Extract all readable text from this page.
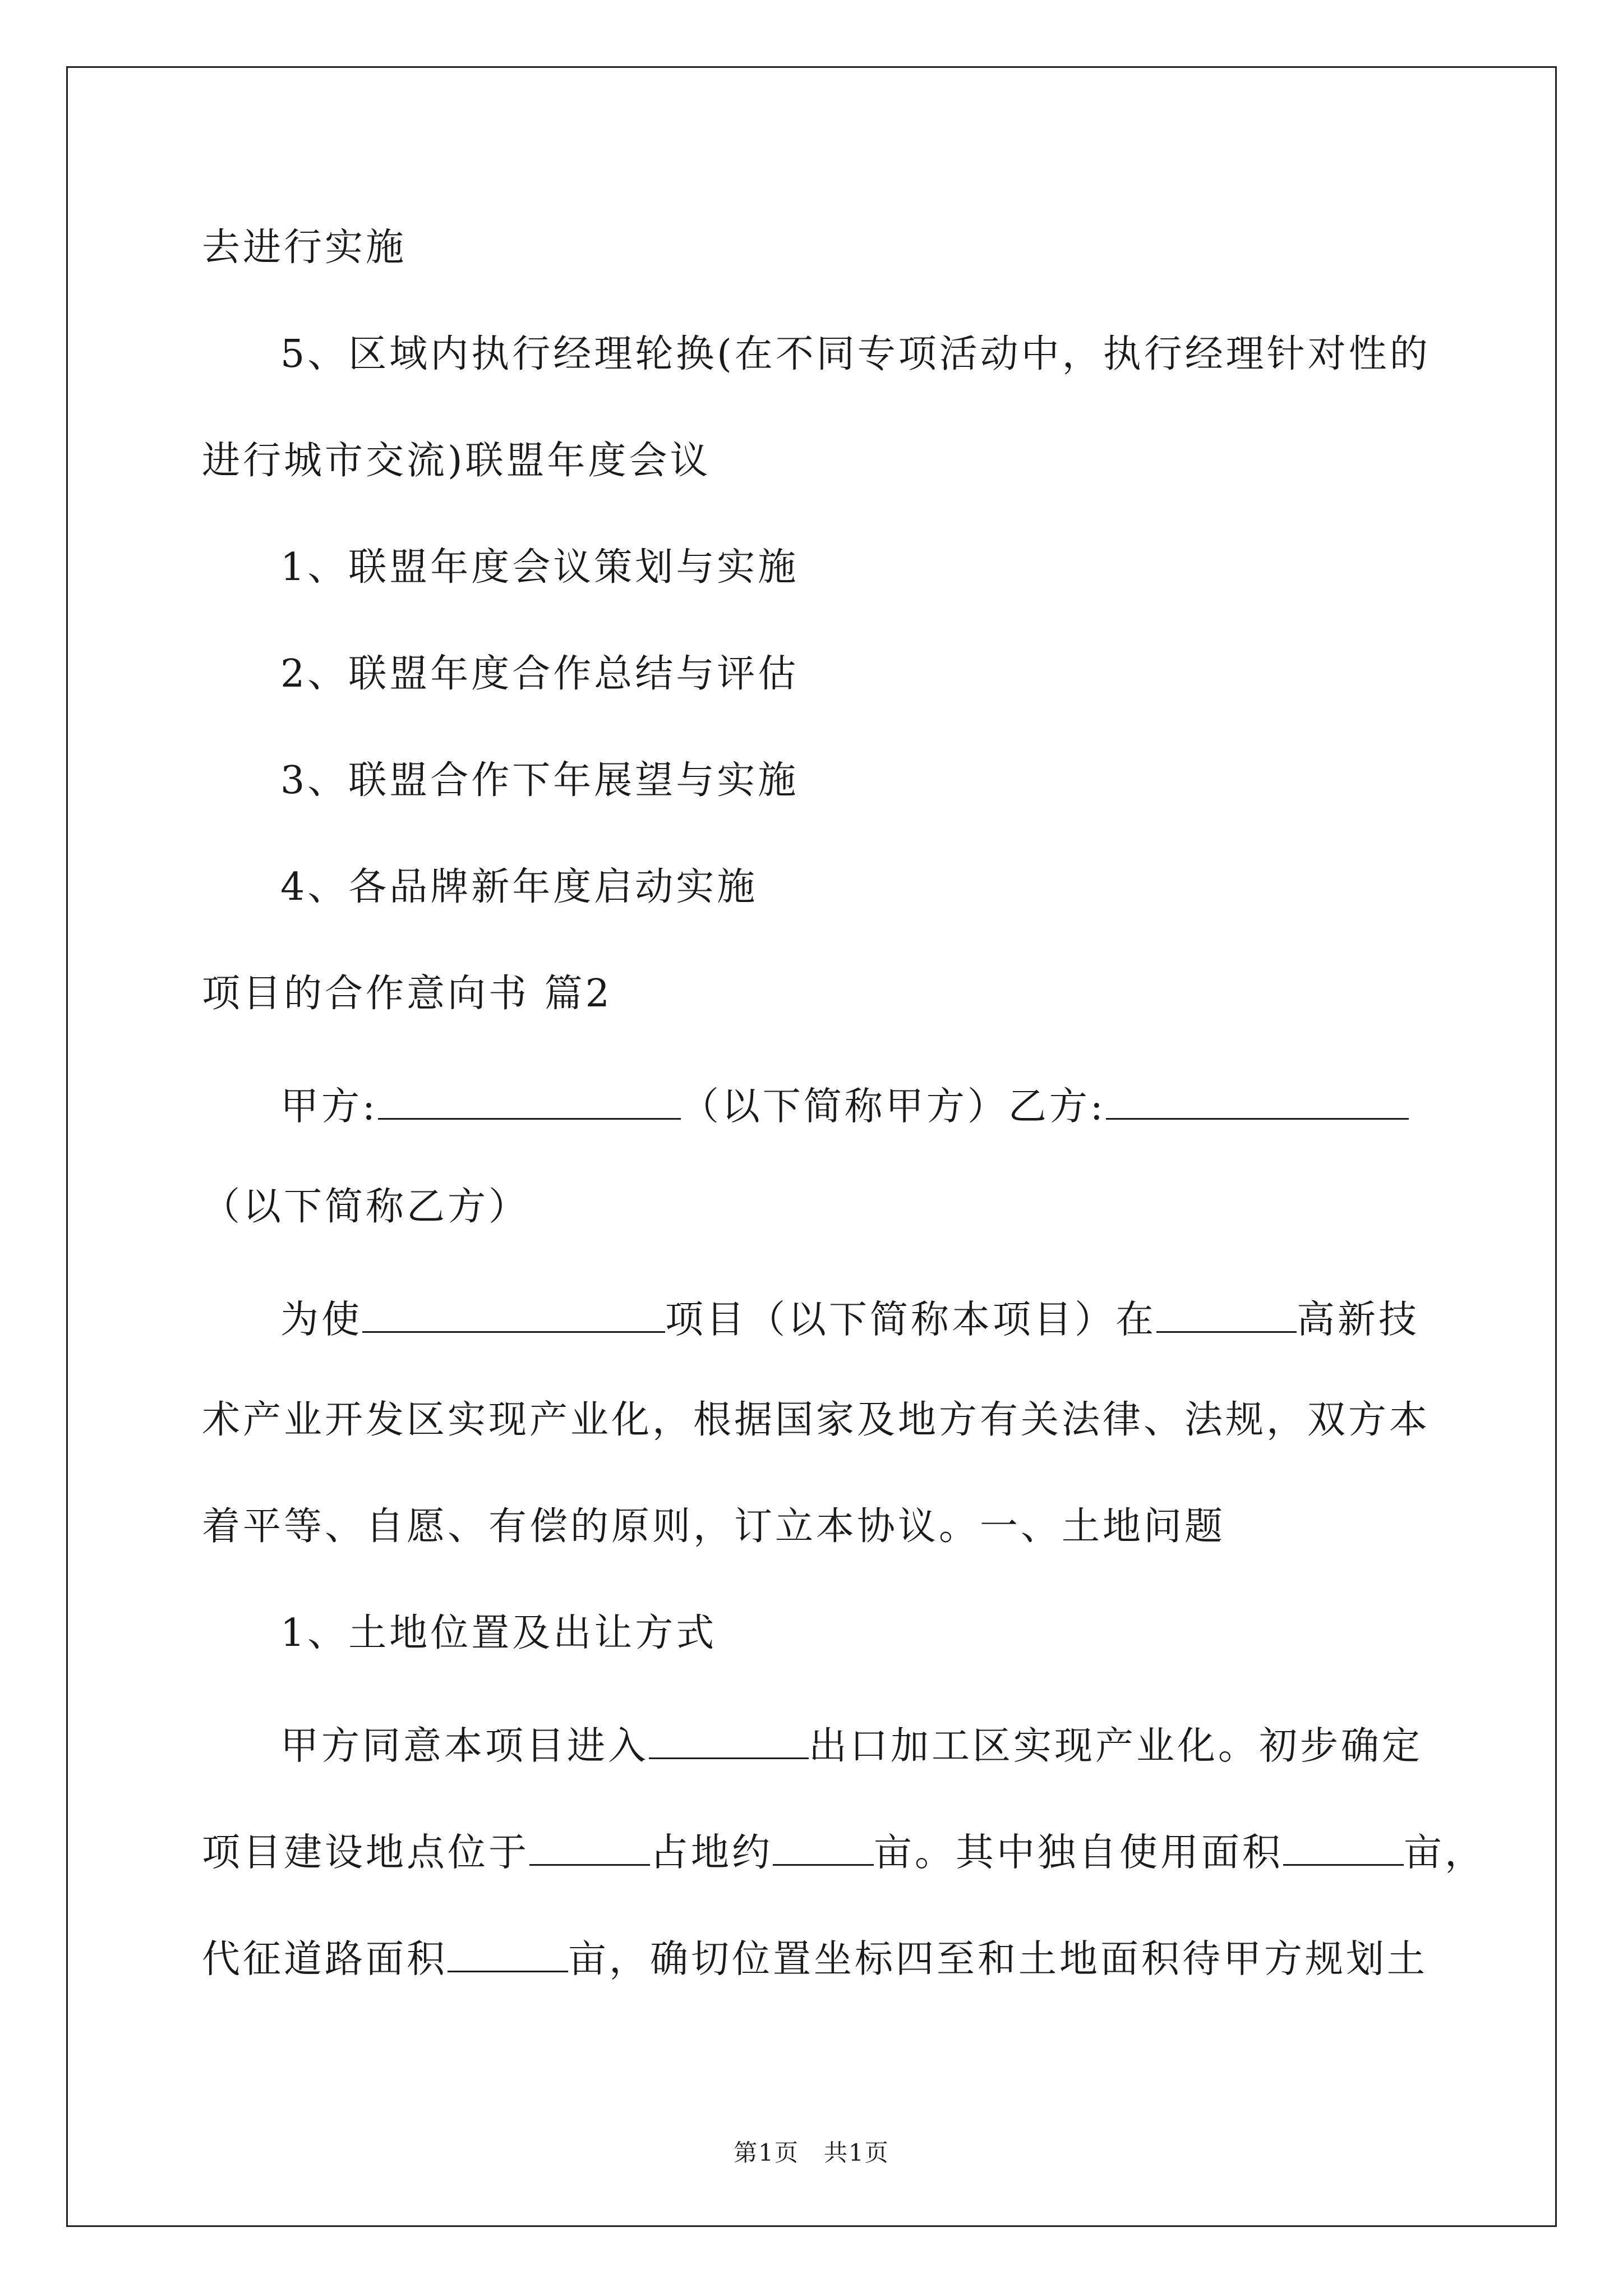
去进行实施
5、区域内执行经理轮换(在不同专项活动中，执行经理针对性的
进行城市交流)联盟年度会议
1、联盟年度会议策划与实施
2、联盟年度合作总结与评估
3、联盟合作下年展望与实施
4、各品牌新年度启动实施
项目的合作意向书 篇2
甲方:	（以下简称甲方）乙方:
（以下简称乙方）
为使	项目（以下简称本项目）在	高新技
术产业开发区实现产业化，根据国家及地方有关法律、法规，双方本
着平等、自愿、有偿的原则，订立本协议。一、土地问题
1、土地位置及出让方式
甲方同意本项目进入	出口加工区实现产业化。初步确定
项目建设地点位于	占地约	亩。其中独自使用面积	亩，
代征道路面积	亩，确切位置坐标四至和土地面积待甲方规划土
第1页　共1页
